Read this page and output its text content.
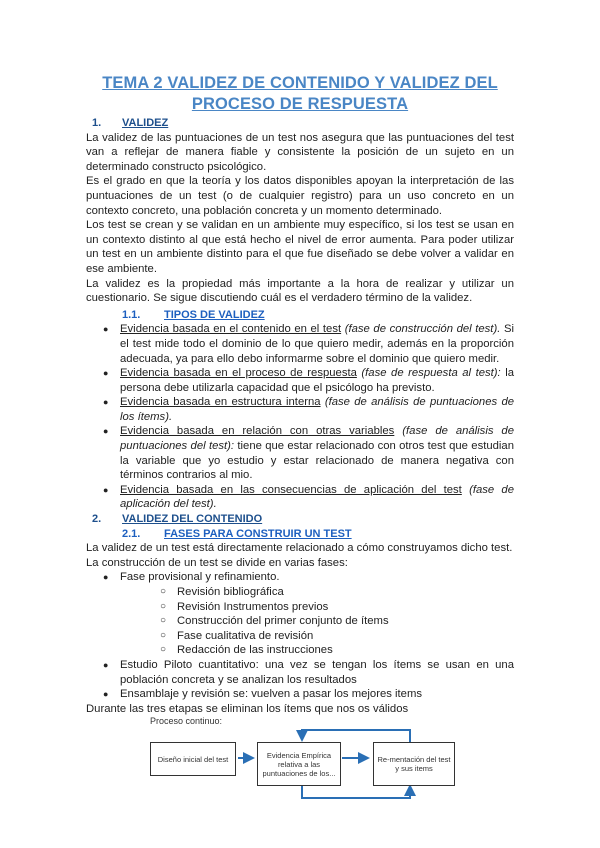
TEMA 2 VALIDEZ DE CONTENIDO Y VALIDEZ DEL
PROCESO DE RESPUESTA
1. VALIDEZ
La validez de las puntuaciones de un test nos asegura que las puntuaciones del test van a reflejar de manera fiable y consistente la posición de un sujeto en un determinado constructo psicológico.
Es el grado en que la teoría y los datos disponibles apoyan la interpretación de las puntuaciones de un test (o de cualquier registro) para un uso concreto en un contexto concreto, una población concreta y un momento determinado.
Los test se crean y se validan en un ambiente muy específico, si los test se usan en un contexto distinto al que está hecho el nivel de error aumenta. Para poder utilizar un test en un ambiente distinto para el que fue diseñado se debe volver a validar en ese ambiente.
La validez es la propiedad más importante a la hora de realizar y utilizar un cuestionario. Se sigue discutiendo cuál es el verdadero término de la validez.
1.1. TIPOS DE VALIDEZ
● Evidencia basada en el contenido en el test (fase de construcción del test). Si el test mide todo el dominio de lo que quiero medir, además en la proporción adecuada, ya para ello debo informarme sobre el dominio que quiero medir.
● Evidencia basada en el proceso de respuesta (fase de respuesta al test): la persona debe utilizarla capacidad que el psicólogo ha previsto.
● Evidencia basada en estructura interna (fase de análisis de puntuaciones de los ítems).
● Evidencia basada en relación con otras variables (fase de análisis de puntuaciones del test): tiene que estar relacionado con otros test que estudian la variable que yo estudio y estar relacionado de manera negativa con términos contrarios al mio.
● Evidencia basada en las consecuencias de aplicación del test (fase de aplicación del test).
2. VALIDEZ DEL CONTENIDO
2.1. FASES PARA CONSTRUIR UN TEST
La validez de un test está directamente relacionado a cómo construyamos dicho test.
La construcción de un test se divide en varias fases:
● Fase provisional y refinamiento.
○ Revisión bibliográfica
○ Revisión Instrumentos previos
○ Construcción del primer conjunto de ítems
○ Fase cualitativa de revisión
○ Redacción de las instrucciones
● Estudio Piloto cuantitativo: una vez se tengan los ítems se usan en una población concreta y se analizan los resultados
● Ensamblaje y revisión se: vuelven a pasar los mejores items
Durante las tres etapas se eliminan los ítems que nos os válidos
Proceso continuo:
Diseño inicial del test	Evidencia Empírica relativa a las puntuaciones de los...
Re-mentación del test y sus items
